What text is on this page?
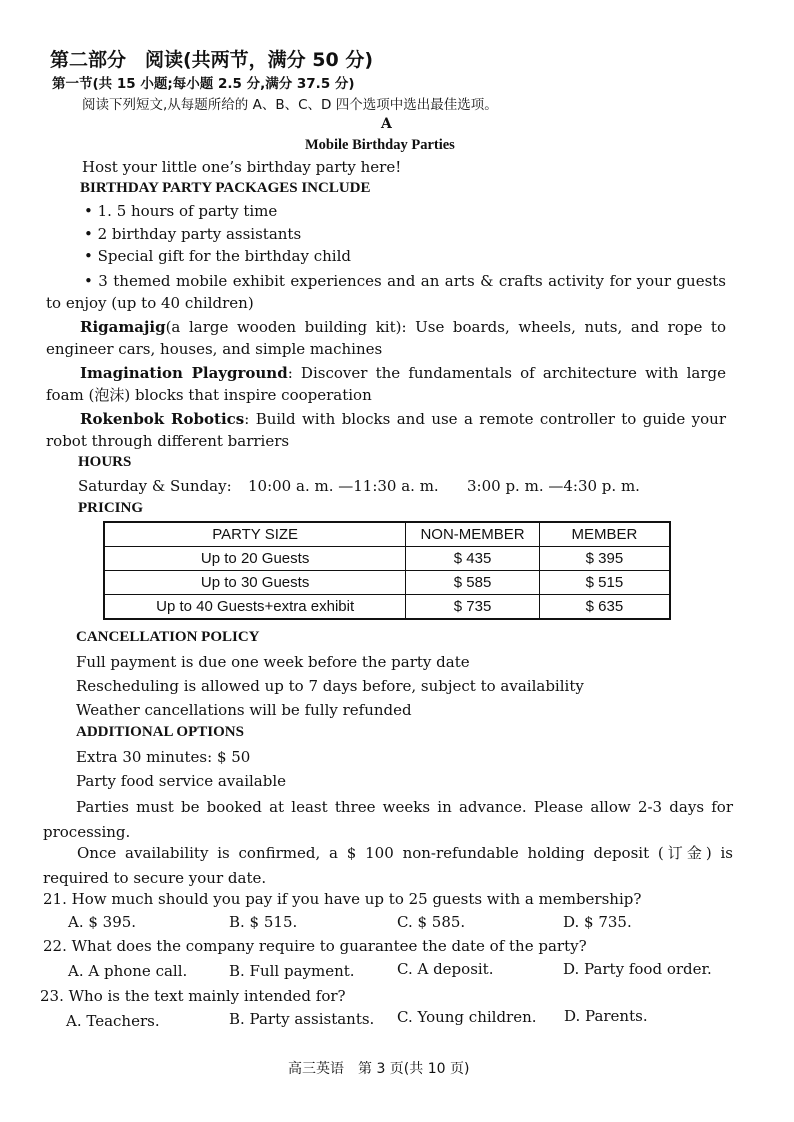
第二部分　阅读(共两节，满分 50 分)
第一节(共 15 小题;每小题 2.5 分,满分 37.5 分)
阅读下列短文,从每题所给的 A、B、C、D 四个选项中选出最佳选项。
A
Mobile Birthday Parties
Host your little one’s birthday party here!
BIRTHDAY PARTY PACKAGES INCLUDE
• 1. 5 hours of party time
• 2 birthday party assistants
• Special gift for the birthday child
• 3 themed mobile exhibit experiences and an arts & crafts activity for your guests to enjoy (up to 40 children)
Rigamajig(a large wooden building kit): Use boards, wheels, nuts, and rope to engineer cars, houses, and simple machines
Imagination Playground: Discover the fundamentals of architecture with large foam (泡沫) blocks that inspire cooperation
Rokenbok Robotics: Build with blocks and use a remote controller to guide your robot through different barriers
HOURS
Saturday & Sunday: 10:00 a. m. —11:30 a. m. 3:00 p. m. —4:30 p. m.
PRICING
PARTY SIZE	NON-MEMBER	MEMBER
Up to 20 Guests	$ 435	$ 395
Up to 30 Guests	$ 585	$ 515
Up to 40 Guests+extra exhibit	$ 735	$ 635
CANCELLATION POLICY
Full payment is due one week before the party date
Rescheduling is allowed up to 7 days before, subject to availability
Weather cancellations will be fully refunded
ADDITIONAL OPTIONS
Extra 30 minutes: $ 50
Party food service available
Parties must be booked at least three weeks in advance. Please allow 2-3 days for processing.
Once availability is confirmed, a $ 100 non-refundable holding deposit (订金) is required to secure your date.
21. How much should you pay if you have up to 25 guests with a membership?
A. $ 395.	B. $ 515.	C. $ 585.	D. $ 735.
22. What does the company require to guarantee the date of the party?
A. A phone call.	B. Full payment.	C. A deposit.	D. Party food order.
23. Who is the text mainly intended for?
A. Teachers.	B. Party assistants. C. Young children. D. Parents.
高三英语　第 3 页(共 10 页)
